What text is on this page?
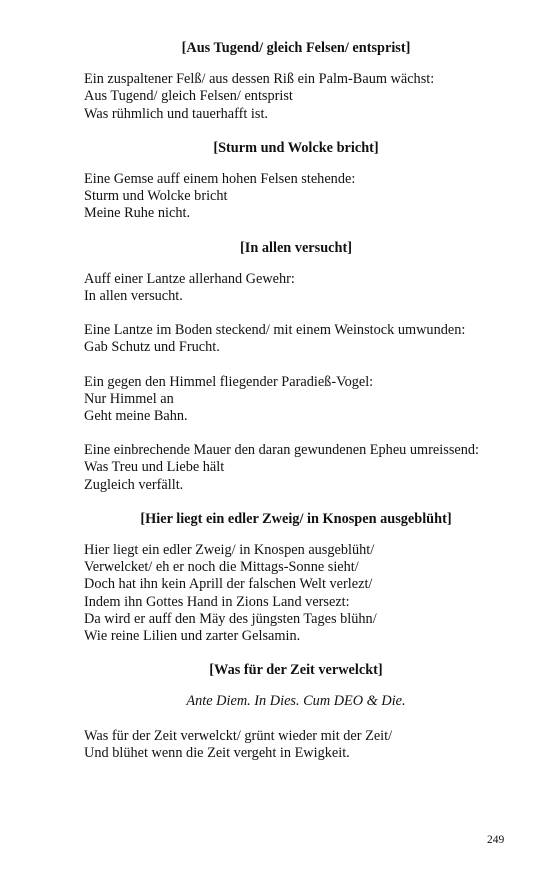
[Aus Tugend/ gleich Felsen/ entsprist]

Ein zuspaltener Felß/ aus dessen Riß ein Palm-Baum wächst:
Aus Tugend/ gleich Felsen/ entsprist
Was rühmlich und tauerhafft ist.

[Sturm und Wolcke bricht]

Eine Gemse auff einem hohen Felsen stehende:
Sturm und Wolcke bricht
Meine Ruhe nicht.

[In allen versucht]

Auff einer Lantze allerhand Gewehr:
In allen versucht.

Eine Lantze im Boden steckend/ mit einem Weinstock umwunden:
Gab Schutz und Frucht.

Ein gegen den Himmel fliegender Paradieß-Vogel:
Nur Himmel an
Geht meine Bahn.

Eine einbrechende Mauer den daran gewundenen Epheu umreissend:
Was Treu und Liebe hält
Zugleich verfällt.

[Hier liegt ein edler Zweig/ in Knospen ausgeblüht]

Hier liegt ein edler Zweig/ in Knospen ausgeblüht/
Verwelcket/ eh er noch die Mittags-Sonne sieht/
Doch hat ihn kein Aprill der falschen Welt verlezt/
Indem ihn Gottes Hand in Zions Land versezt:
Da wird er auff den Mäy des jüngsten Tages blühn/
Wie reine Lilien und zarter Gelsamin.

[Was für der Zeit verwelckt]
Ante Diem. In Dies. Cum DEO & Die.

Was für der Zeit verwelckt/ grünt wieder mit der Zeit/
Und blühet wenn die Zeit vergeht in Ewigkeit.

249
